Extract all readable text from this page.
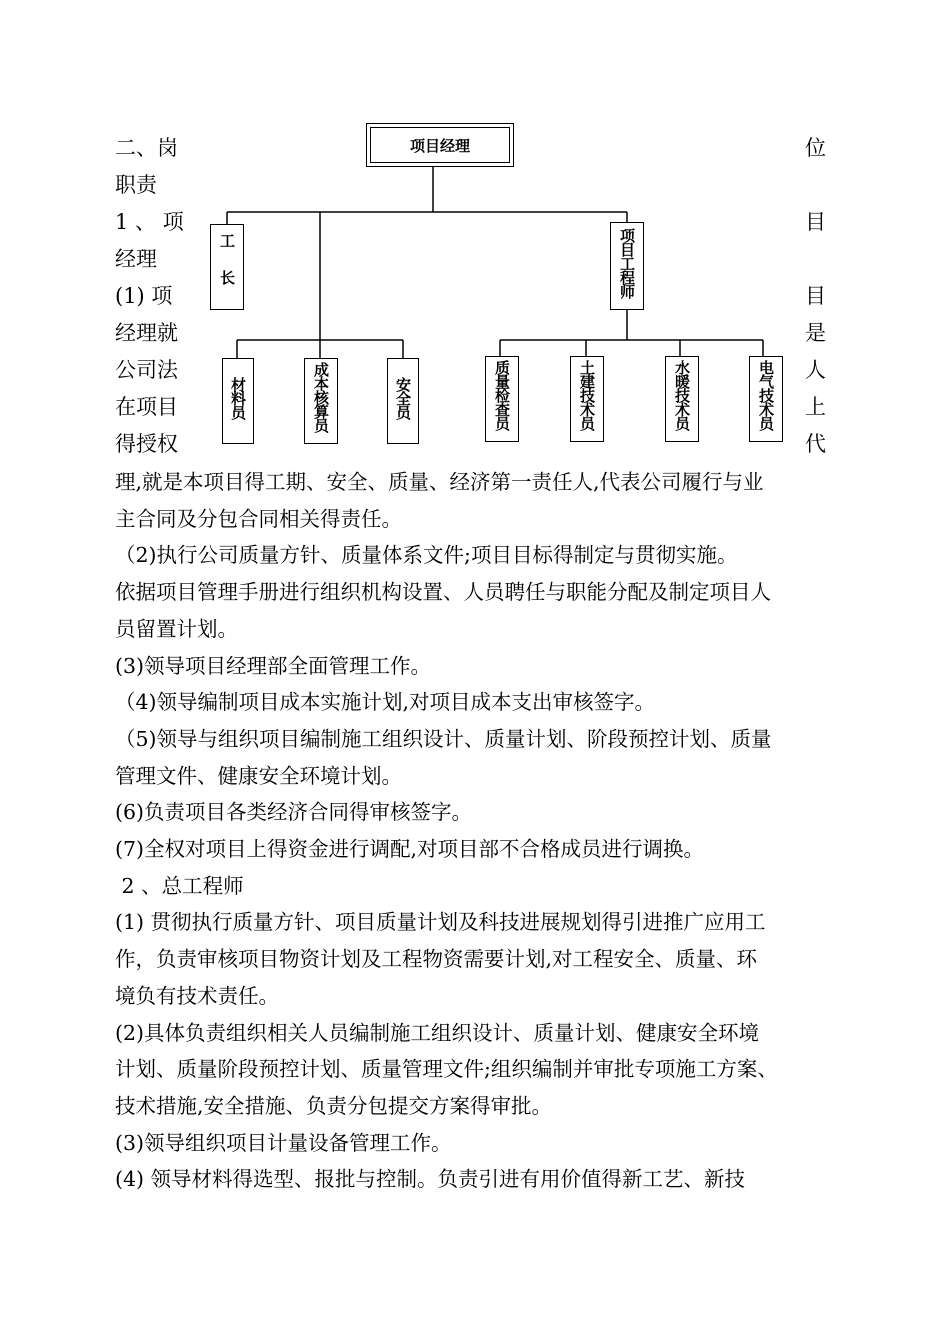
二、岗
职责
1 、 项
经理
(1) 项
经理就
公司法
在项目
得授权
位
目
目
是
人
上
代
项目经理
工长	项目工程师
材料员	成本核算员	安全员	质量检查员	土建技术员	水暖技术员	电气技术员

理,就是本项目得工期、安全、质量、经济第一责任人,代表公司履行与业

主合同及分包合同相关得责任。

（2)执行公司质量方针、质量体系文件;项目目标得制定与贯彻实施。

依据项目管理手册进行组织机构设置、人员聘任与职能分配及制定项目人

员留置计划。

(3)领导项目经理部全面管理工作。

（4)领导编制项目成本实施计划,对项目成本支出审核签字。

（5)领导与组织项目编制施工组织设计、质量计划、阶段预控计划、质量

管理文件、健康安全环境计划。

(6)负责项目各类经济合同得审核签字。

(7)全权对项目上得资金进行调配,对项目部不合格成员进行调换。

2 、总工程师

(1) 贯彻执行质量方针、项目质量计划及科技进展规划得引进推广应用工

作，负责审核项目物资计划及工程物资需要计划,对工程安全、质量、环

境负有技术责任。

(2)具体负责组织相关人员编制施工组织设计、质量计划、健康安全环境

计划、质量阶段预控计划、质量管理文件;组织编制并审批专项施工方案、

技术措施,安全措施、负责分包提交方案得审批。

(3)领导组织项目计量设备管理工作。

(4) 领导材料得选型、报批与控制。负责引进有用价值得新工艺、新技
